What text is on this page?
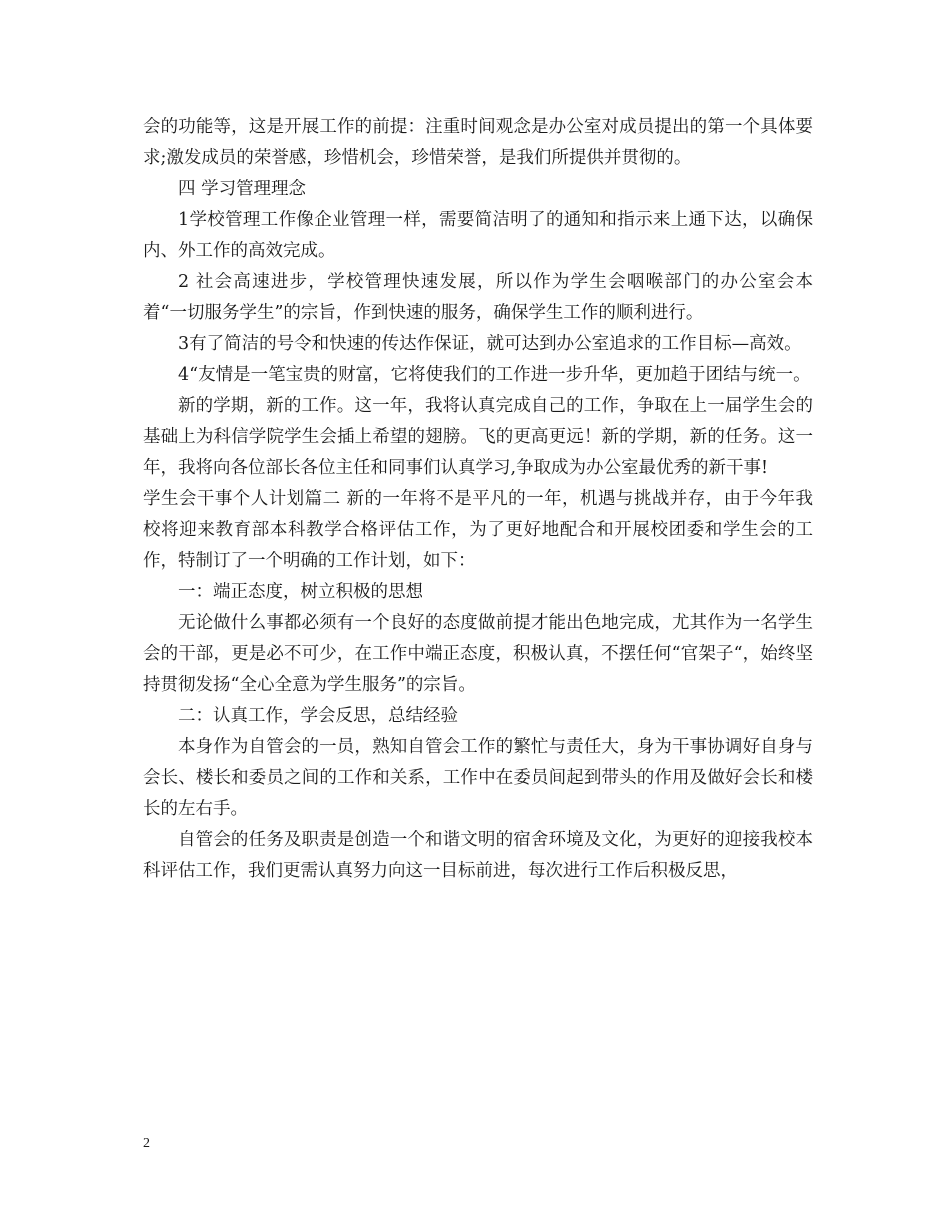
会的功能等，这是开展工作的前提：注重时间观念是办公室对成员提出的第一个具体要求;激发成员的荣誉感，珍惜机会，珍惜荣誉，是我们所提供并贯彻的。

四 学习管理理念

1学校管理工作像企业管理一样，需要简洁明了的通知和指示来上通下达，以确保内、外工作的高效完成。

2 社会高速进步，学校管理快速发展，所以作为学生会咽喉部门的办公室会本着“一切服务学生”的宗旨，作到快速的服务，确保学生工作的顺利进行。

3有了简洁的号令和快速的传达作保证，就可达到办公室追求的工作目标—高效。

4“友情是一笔宝贵的财富，它将使我们的工作进一步升华，更加趋于团结与统一。

新的学期，新的工作。这一年，我将认真完成自己的工作，争取在上一届学生会的基础上为科信学院学生会插上希望的翅膀。飞的更高更远！新的学期，新的任务。这一年，我将向各位部长各位主任和同事们认真学习,争取成为办公室最优秀的新干事!

学生会干事个人计划篇二 新的一年将不是平凡的一年，机遇与挑战并存，由于今年我校将迎来教育部本科教学合格评估工作，为了更好地配合和开展校团委和学生会的工作，特制订了一个明确的工作计划，如下：

一：端正态度，树立积极的思想

无论做什么事都必须有一个良好的态度做前提才能出色地完成，尤其作为一名学生会的干部，更是必不可少，在工作中端正态度，积极认真，不摆任何“官架子“，始终坚持贯彻发扬“全心全意为学生服务”的宗旨。

二：认真工作，学会反思，总结经验

本身作为自管会的一员，熟知自管会工作的繁忙与责任大，身为干事协调好自身与会长、楼长和委员之间的工作和关系，工作中在委员间起到带头的作用及做好会长和楼长的左右手。

自管会的任务及职责是创造一个和谐文明的宿舍环境及文化，为更好的迎接我校本科评估工作，我们更需认真努力向这一目标前进，每次进行工作后积极反思，

2
